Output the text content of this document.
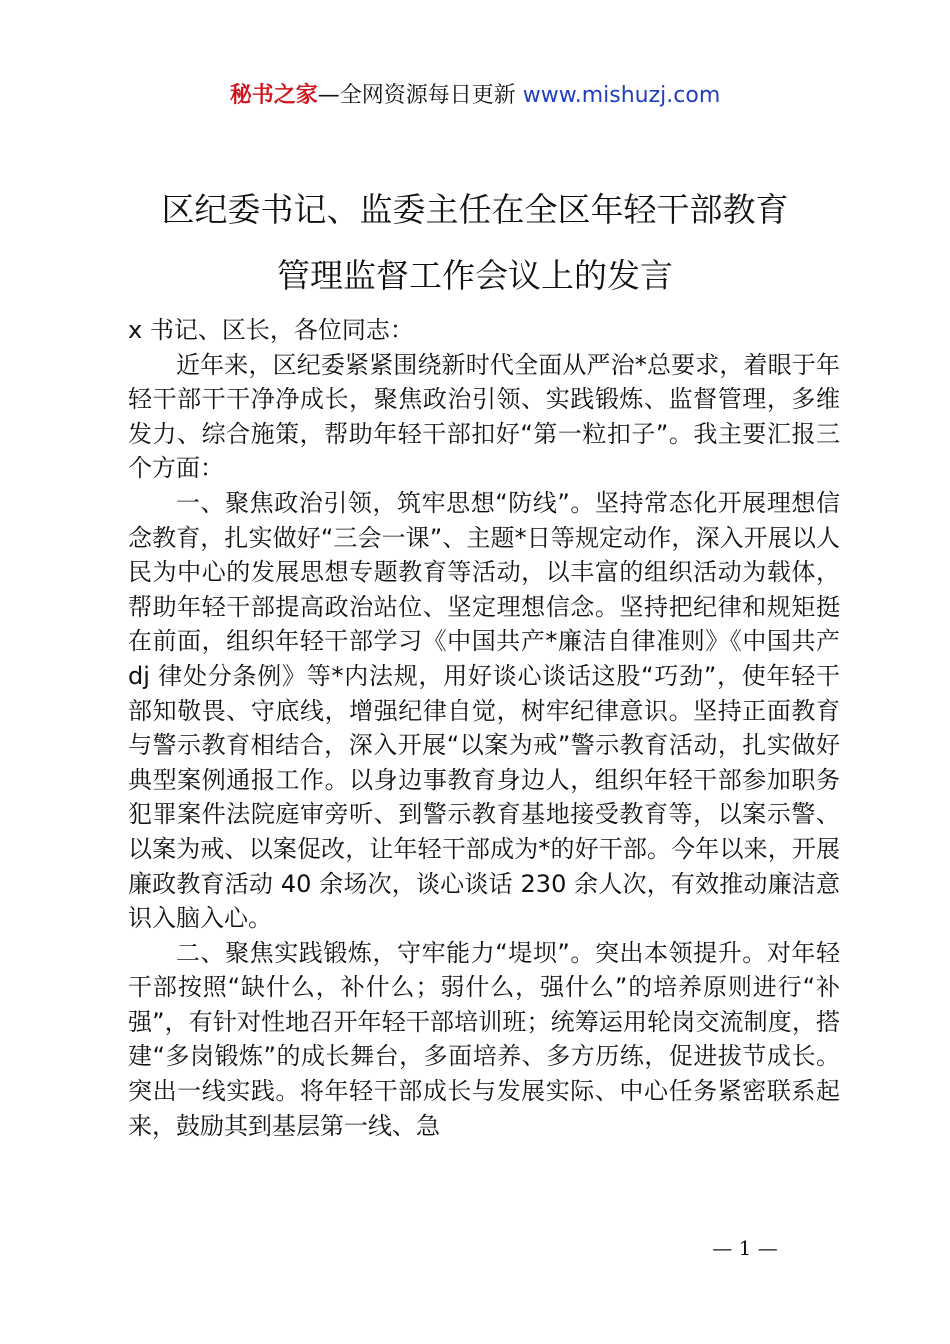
秘书之家—全网资源每日更新 www.mishuzj.com
区纪委书记、监委主任在全区年轻干部教育
管理监督工作会议上的发言

x 书记、区长，各位同志：

近年来，区纪委紧紧围绕新时代全面从严治*总要求，着眼于年轻干部干干净净成长，聚焦政治引领、实践锻炼、监督管理，多维发力、综合施策，帮助年轻干部扣好“第一粒扣子”。我主要汇报三个方面：

一、聚焦政治引领，筑牢思想“防线”。坚持常态化开展理想信念教育，扎实做好“三会一课”、主题*日等规定动作，深入开展以人民为中心的发展思想专题教育等活动，以丰富的组织活动为载体，帮助年轻干部提高政治站位、坚定理想信念。坚持把纪律和规矩挺在前面，组织年轻干部学习《中国共产*廉洁自律准则》《中国共产 dj 律处分条例》等*内法规，用好谈心谈话这股“巧劲”，使年轻干部知敬畏、守底线，增强纪律自觉，树牢纪律意识。坚持正面教育与警示教育相结合，深入开展“以案为戒”警示教育活动，扎实做好典型案例通报工作。以身边事教育身边人，组织年轻干部参加职务犯罪案件法院庭审旁听、到警示教育基地接受教育等，以案示警、以案为戒、以案促改，让年轻干部成为*的好干部。今年以来，开展廉政教育活动 40 余场次，谈心谈话 230 余人次，有效推动廉洁意识入脑入心。

二、聚焦实践锻炼，守牢能力“堤坝”。突出本领提升。对年轻干部按照“缺什么，补什么；弱什么，强什么”的培养原则进行“补强”，有针对性地召开年轻干部培训班；统筹运用轮岗交流制度，搭建“多岗锻炼”的成长舞台，多面培养、多方历练，促进拔节成长。突出一线实践。将年轻干部成长与发展实际、中心任务紧密联系起来，鼓励其到基层第一线、急

— 1 —
